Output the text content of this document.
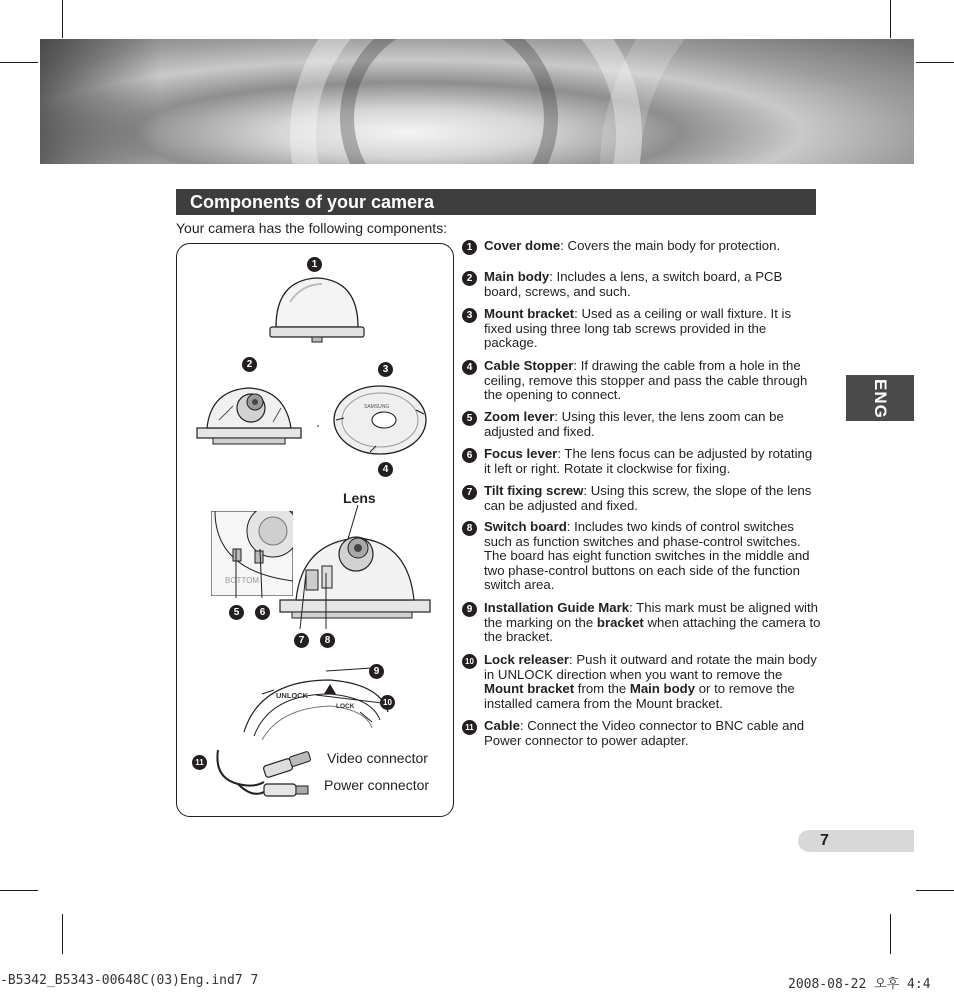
Components of your camera
Your camera has the following components:
SAMSUNG
BOTTOM
UNLOCK
LOCK
Lens
Video connector
Power connector
1
2	3
4
5	6
7	8
9
10
11
1 Cover dome: Covers the main body for protection.
2 Main body: Includes a lens, a switch board, a PCB board, screws, and such.
3 Mount bracket: Used as a ceiling or wall fixture. It is fixed using three long tab screws provided in the package.
4 Cable Stopper: If drawing the cable from a hole in the ceiling, remove this stopper and pass the cable through the opening to connect.
5 Zoom lever: Using this lever, the lens zoom can be adjusted and fixed.
6 Focus lever: The lens focus can be adjusted by rotating it left or right. Rotate it clockwise for fixing.
7 Tilt fixing screw: Using this screw, the slope of the lens can be adjusted and fixed.
8 Switch board: Includes two kinds of control switches such as function switches and phase-control switches. The board has eight function switches in the middle and two phase-control buttons on each side of the function switch area.
9 Installation Guide Mark: This mark must be aligned with the marking on the bracket when attaching the camera to the bracket.
10 Lock releaser: Push it outward and rotate the main body in UNLOCK direction when you want to remove the Mount bracket from the Main body or to remove the installed camera from the Mount bracket.
11 Cable: Connect the Video connector to BNC cable and Power connector to power adapter.
ENG
7
-B5342_B5343-00648C(03)Eng.ind7 7	2008-08-22 오후 4:4
